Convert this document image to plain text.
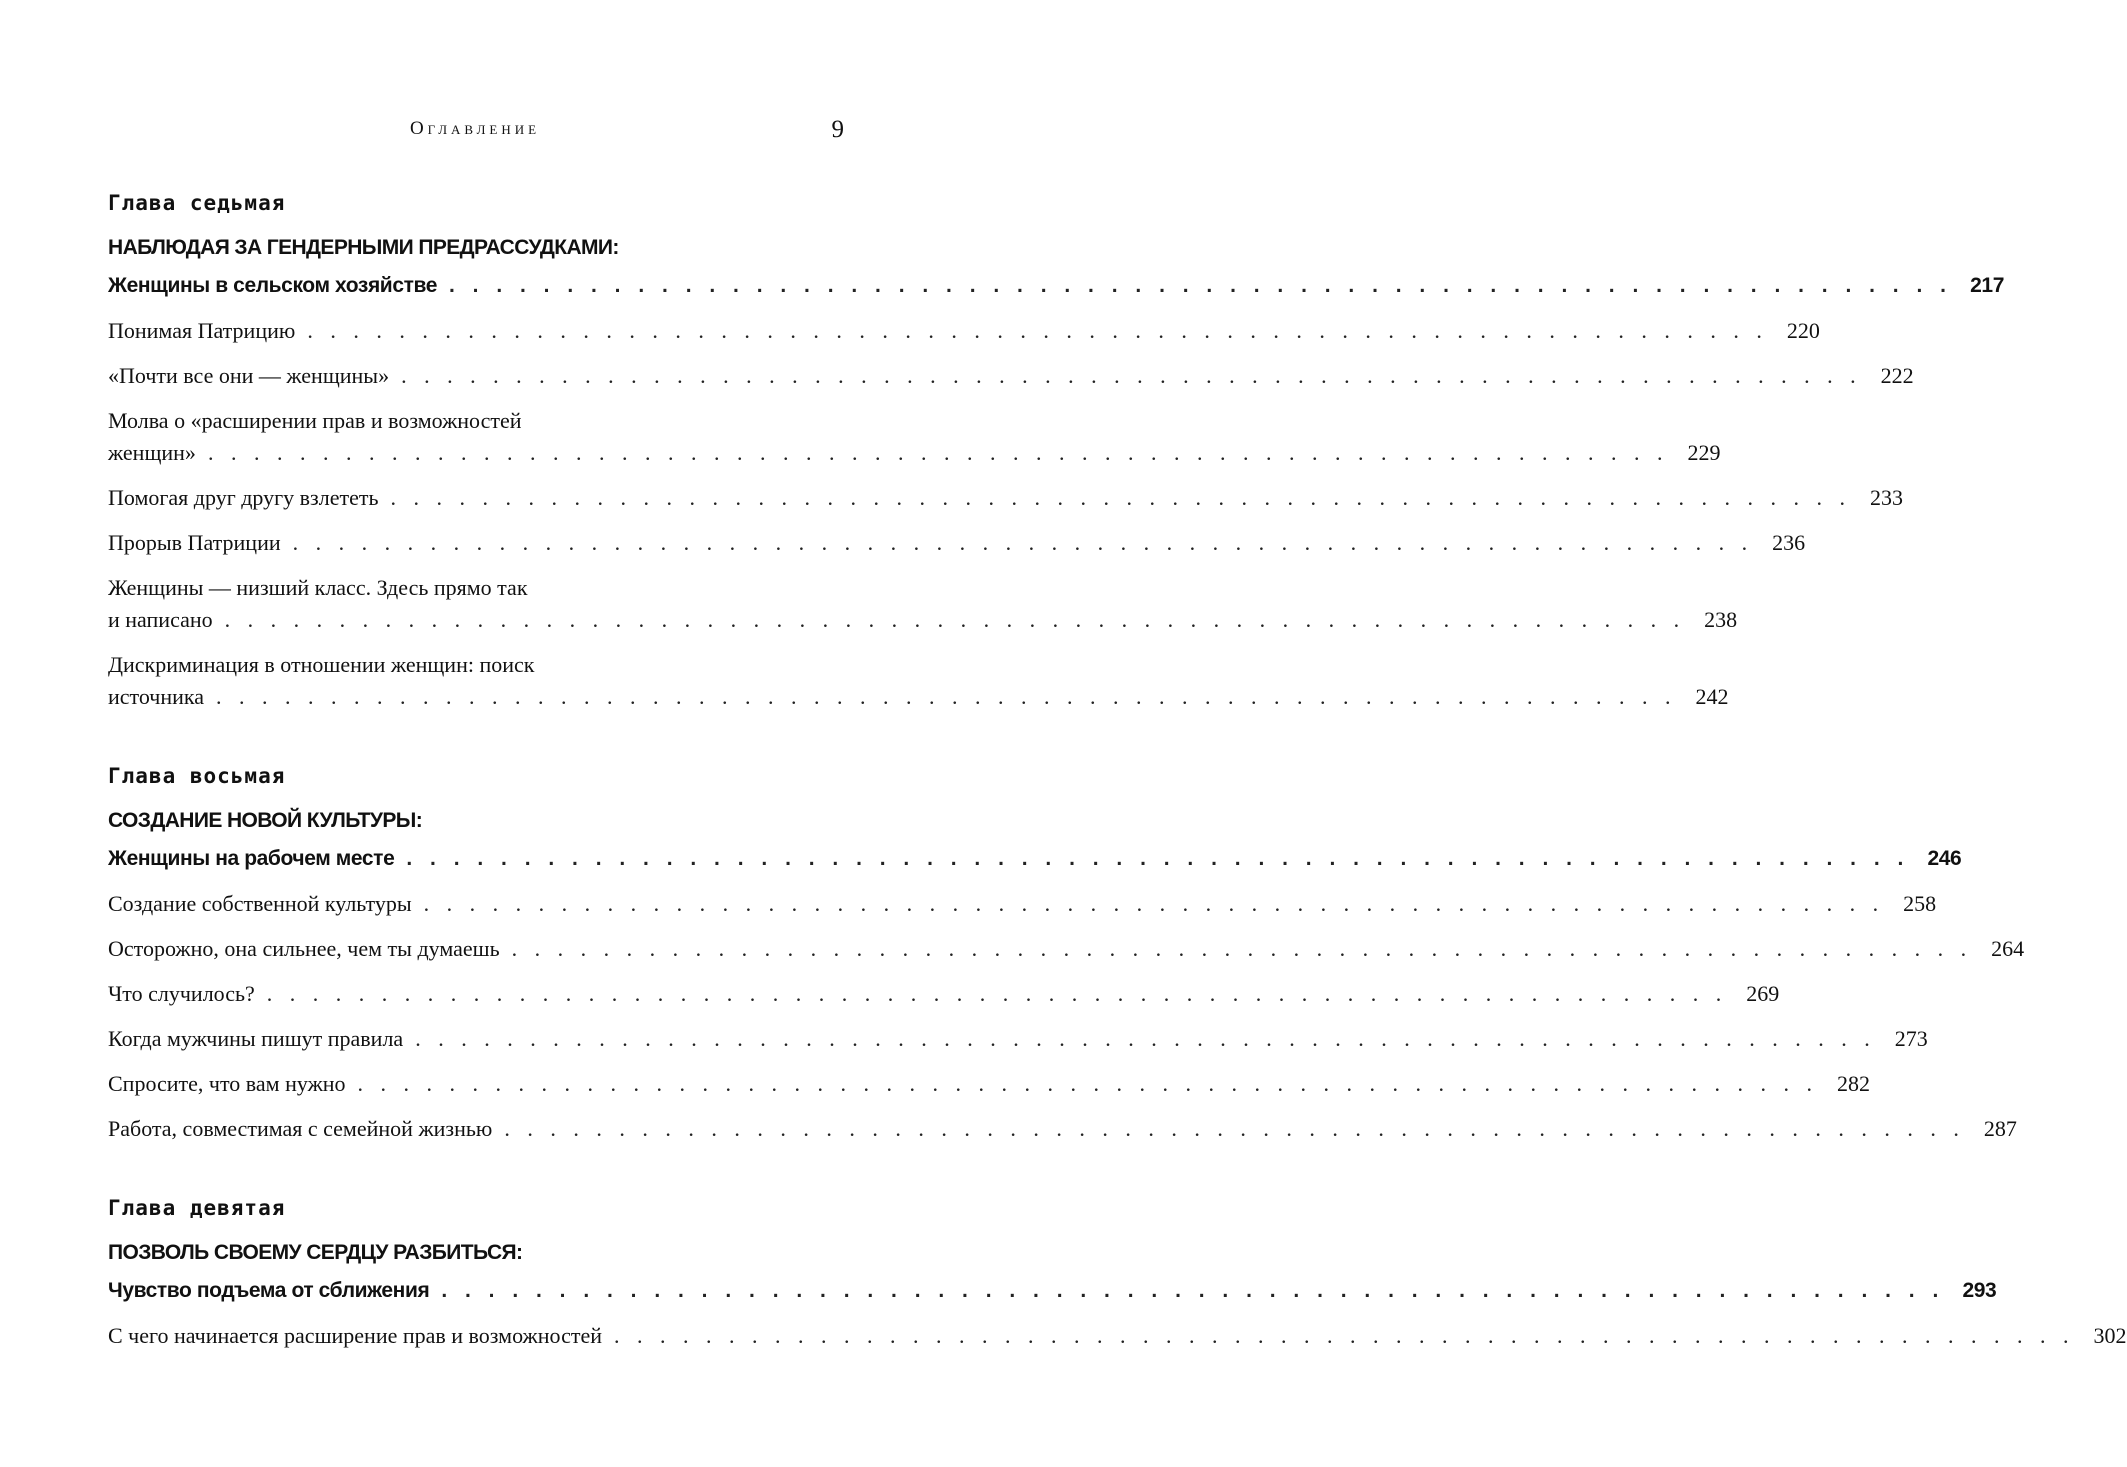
Оглавление	9
Глава седьмая
НАБЛЮДАЯ ЗА ГЕНДЕРНЫМИ ПРЕДРАССУДКАМИ:
Женщины в сельском хозяйстве . . . . . . . . . . . . . . . . . . . . . . . . . . . . . . . . . . . . . . . . . . . . . . . . . . . . . . . . . . . . . . . . 217
Понимая Патрицию . . . . . . . . . . . . . . . . . . . . . . . . . . . . . . . . . . . . . . . . . . . . . . . . . . . . . . . . . . . . . . . . 220
«Почти все они — женщины» . . . . . . . . . . . . . . . . . . . . . . . . . . . . . . . . . . . . . . . . . . . . . . . . . . . . . . . . . . . . . . . . 222
Молва о «расширении прав и возможностей
женщин» . . . . . . . . . . . . . . . . . . . . . . . . . . . . . . . . . . . . . . . . . . . . . . . . . . . . . . . . . . . . . . . . 229
Помогая друг другу взлететь . . . . . . . . . . . . . . . . . . . . . . . . . . . . . . . . . . . . . . . . . . . . . . . . . . . . . . . . . . . . . . . . 233
Прорыв Патриции . . . . . . . . . . . . . . . . . . . . . . . . . . . . . . . . . . . . . . . . . . . . . . . . . . . . . . . . . . . . . . . . 236
Женщины — низший класс. Здесь прямо так
и написано . . . . . . . . . . . . . . . . . . . . . . . . . . . . . . . . . . . . . . . . . . . . . . . . . . . . . . . . . . . . . . . . 238
Дискриминация в отношении женщин: поиск
источника . . . . . . . . . . . . . . . . . . . . . . . . . . . . . . . . . . . . . . . . . . . . . . . . . . . . . . . . . . . . . . . . 242
Глава восьмая
СОЗДАНИЕ НОВОЙ КУЛЬТУРЫ:
Женщины на рабочем месте . . . . . . . . . . . . . . . . . . . . . . . . . . . . . . . . . . . . . . . . . . . . . . . . . . . . . . . . . . . . . . . . 246
Создание собственной культуры . . . . . . . . . . . . . . . . . . . . . . . . . . . . . . . . . . . . . . . . . . . . . . . . . . . . . . . . . . . . . . . . 258
Осторожно, она сильнее, чем ты думаешь . . . . . . . . . . . . . . . . . . . . . . . . . . . . . . . . . . . . . . . . . . . . . . . . . . . . . . . . . . . . . . . . 264
Что случилось? . . . . . . . . . . . . . . . . . . . . . . . . . . . . . . . . . . . . . . . . . . . . . . . . . . . . . . . . . . . . . . . . 269
Когда мужчины пишут правила . . . . . . . . . . . . . . . . . . . . . . . . . . . . . . . . . . . . . . . . . . . . . . . . . . . . . . . . . . . . . . . . 273
Спросите, что вам нужно . . . . . . . . . . . . . . . . . . . . . . . . . . . . . . . . . . . . . . . . . . . . . . . . . . . . . . . . . . . . . . . . 282
Работа, совместимая с семейной жизнью . . . . . . . . . . . . . . . . . . . . . . . . . . . . . . . . . . . . . . . . . . . . . . . . . . . . . . . . . . . . . . . . 287
Глава девятая
ПОЗВОЛЬ СВОЕМУ СЕРДЦУ РАЗБИТЬСЯ:
Чувство подъема от сближения . . . . . . . . . . . . . . . . . . . . . . . . . . . . . . . . . . . . . . . . . . . . . . . . . . . . . . . . . . . . . . . . 293
С чего начинается расширение прав и возможностей . . . . . . . . . . . . . . . . . . . . . . . . . . . . . . . . . . . . . . . . . . . . . . . . . . . . . . . . . . . . . . . . 302
